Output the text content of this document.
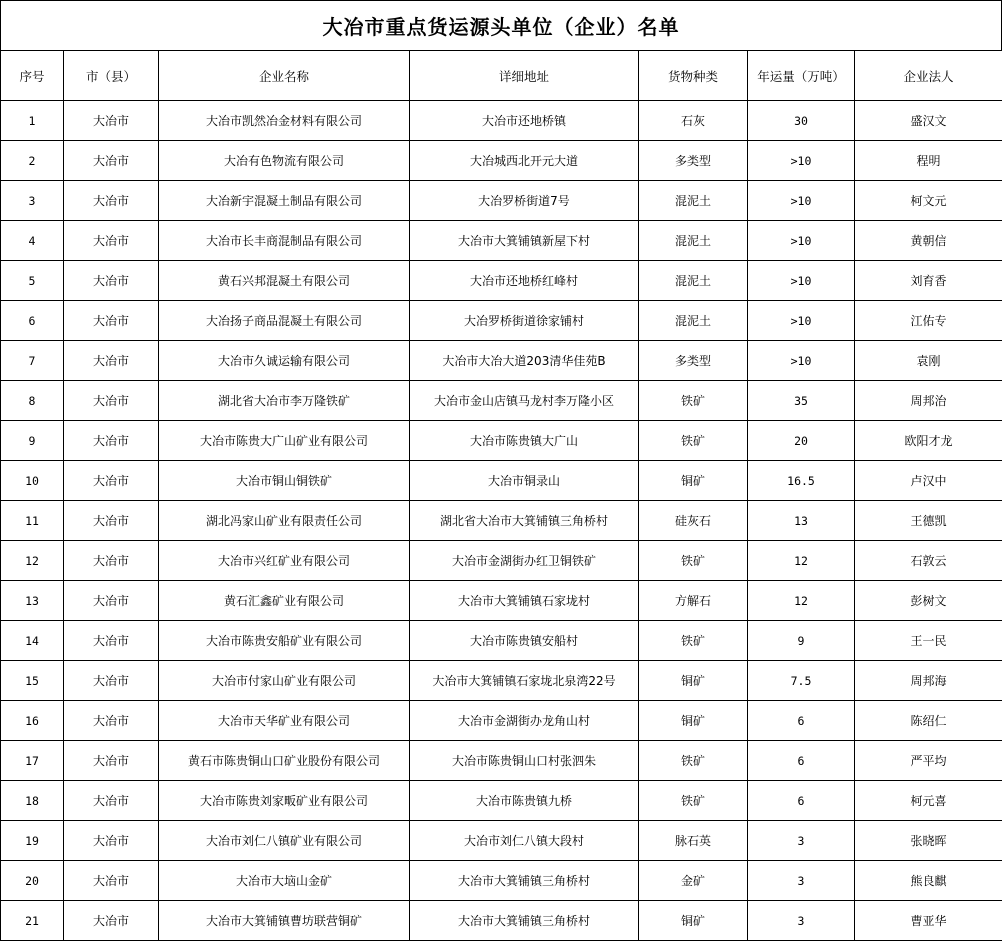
大冶市重点货运源头单位（企业）名单
序号	市（县）	企业名称	详细地址	货物种类	年运量（万吨）	企业法人
1	大冶市	大冶市凯然冶金材料有限公司	大冶市还地桥镇	石灰	30	盛汉文
2	大冶市	大冶有色物流有限公司	大冶城西北开元大道	多类型	>10	程明
3	大冶市	大冶新宇混凝土制品有限公司	大冶罗桥街道7号	混泥土	>10	柯文元
4	大冶市	大冶市长丰商混制品有限公司	大冶市大箕铺镇新屋下村	混泥土	>10	黄朝信
5	大冶市	黄石兴邦混凝土有限公司	大冶市还地桥红峰村	混泥土	>10	刘育香
6	大冶市	大冶扬子商品混凝土有限公司	大冶罗桥街道徐家铺村	混泥土	>10	江佑专
7	大冶市	大冶市久诚运输有限公司	大冶市大冶大道203清华佳苑B	多类型	>10	袁刚
8	大冶市	湖北省大冶市李万隆铁矿	大冶市金山店镇马龙村李万隆小区	铁矿	35	周邦治
9	大冶市	大冶市陈贵大广山矿业有限公司	大冶市陈贵镇大广山	铁矿	20	欧阳才龙
10	大冶市	大冶市铜山铜铁矿	大冶市铜录山	铜矿	16.5	卢汉中
11	大冶市	湖北冯家山矿业有限责任公司	湖北省大冶市大箕铺镇三角桥村	硅灰石	13	王德凯
12	大冶市	大冶市兴红矿业有限公司	大冶市金湖街办红卫铜铁矿	铁矿	12	石敦云
13	大冶市	黄石汇鑫矿业有限公司	大冶市大箕铺镇石家垅村	方解石	12	彭树文
14	大冶市	大冶市陈贵安船矿业有限公司	大冶市陈贵镇安船村	铁矿	9	王一民
15	大冶市	大冶市付家山矿业有限公司	大冶市大箕铺镇石家垅北泉湾22号	铜矿	7.5	周邦海
16	大冶市	大冶市天华矿业有限公司	大冶市金湖街办龙角山村	铜矿	6	陈绍仁
17	大冶市	黄石市陈贵铜山口矿业股份有限公司	大冶市陈贵铜山口村张泗朱	铁矿	6	严平均
18	大冶市	大冶市陈贵刘家畈矿业有限公司	大冶市陈贵镇九桥	铁矿	6	柯元喜
19	大冶市	大冶市刘仁八镇矿业有限公司	大冶市刘仁八镇大段村	脉石英	3	张晓晖
20	大冶市	大冶市大垴山金矿	大冶市大箕铺镇三角桥村	金矿	3	熊良麒
21	大冶市	大冶市大箕铺镇曹坊联营铜矿	大冶市大箕铺镇三角桥村	铜矿	3	曹亚华
